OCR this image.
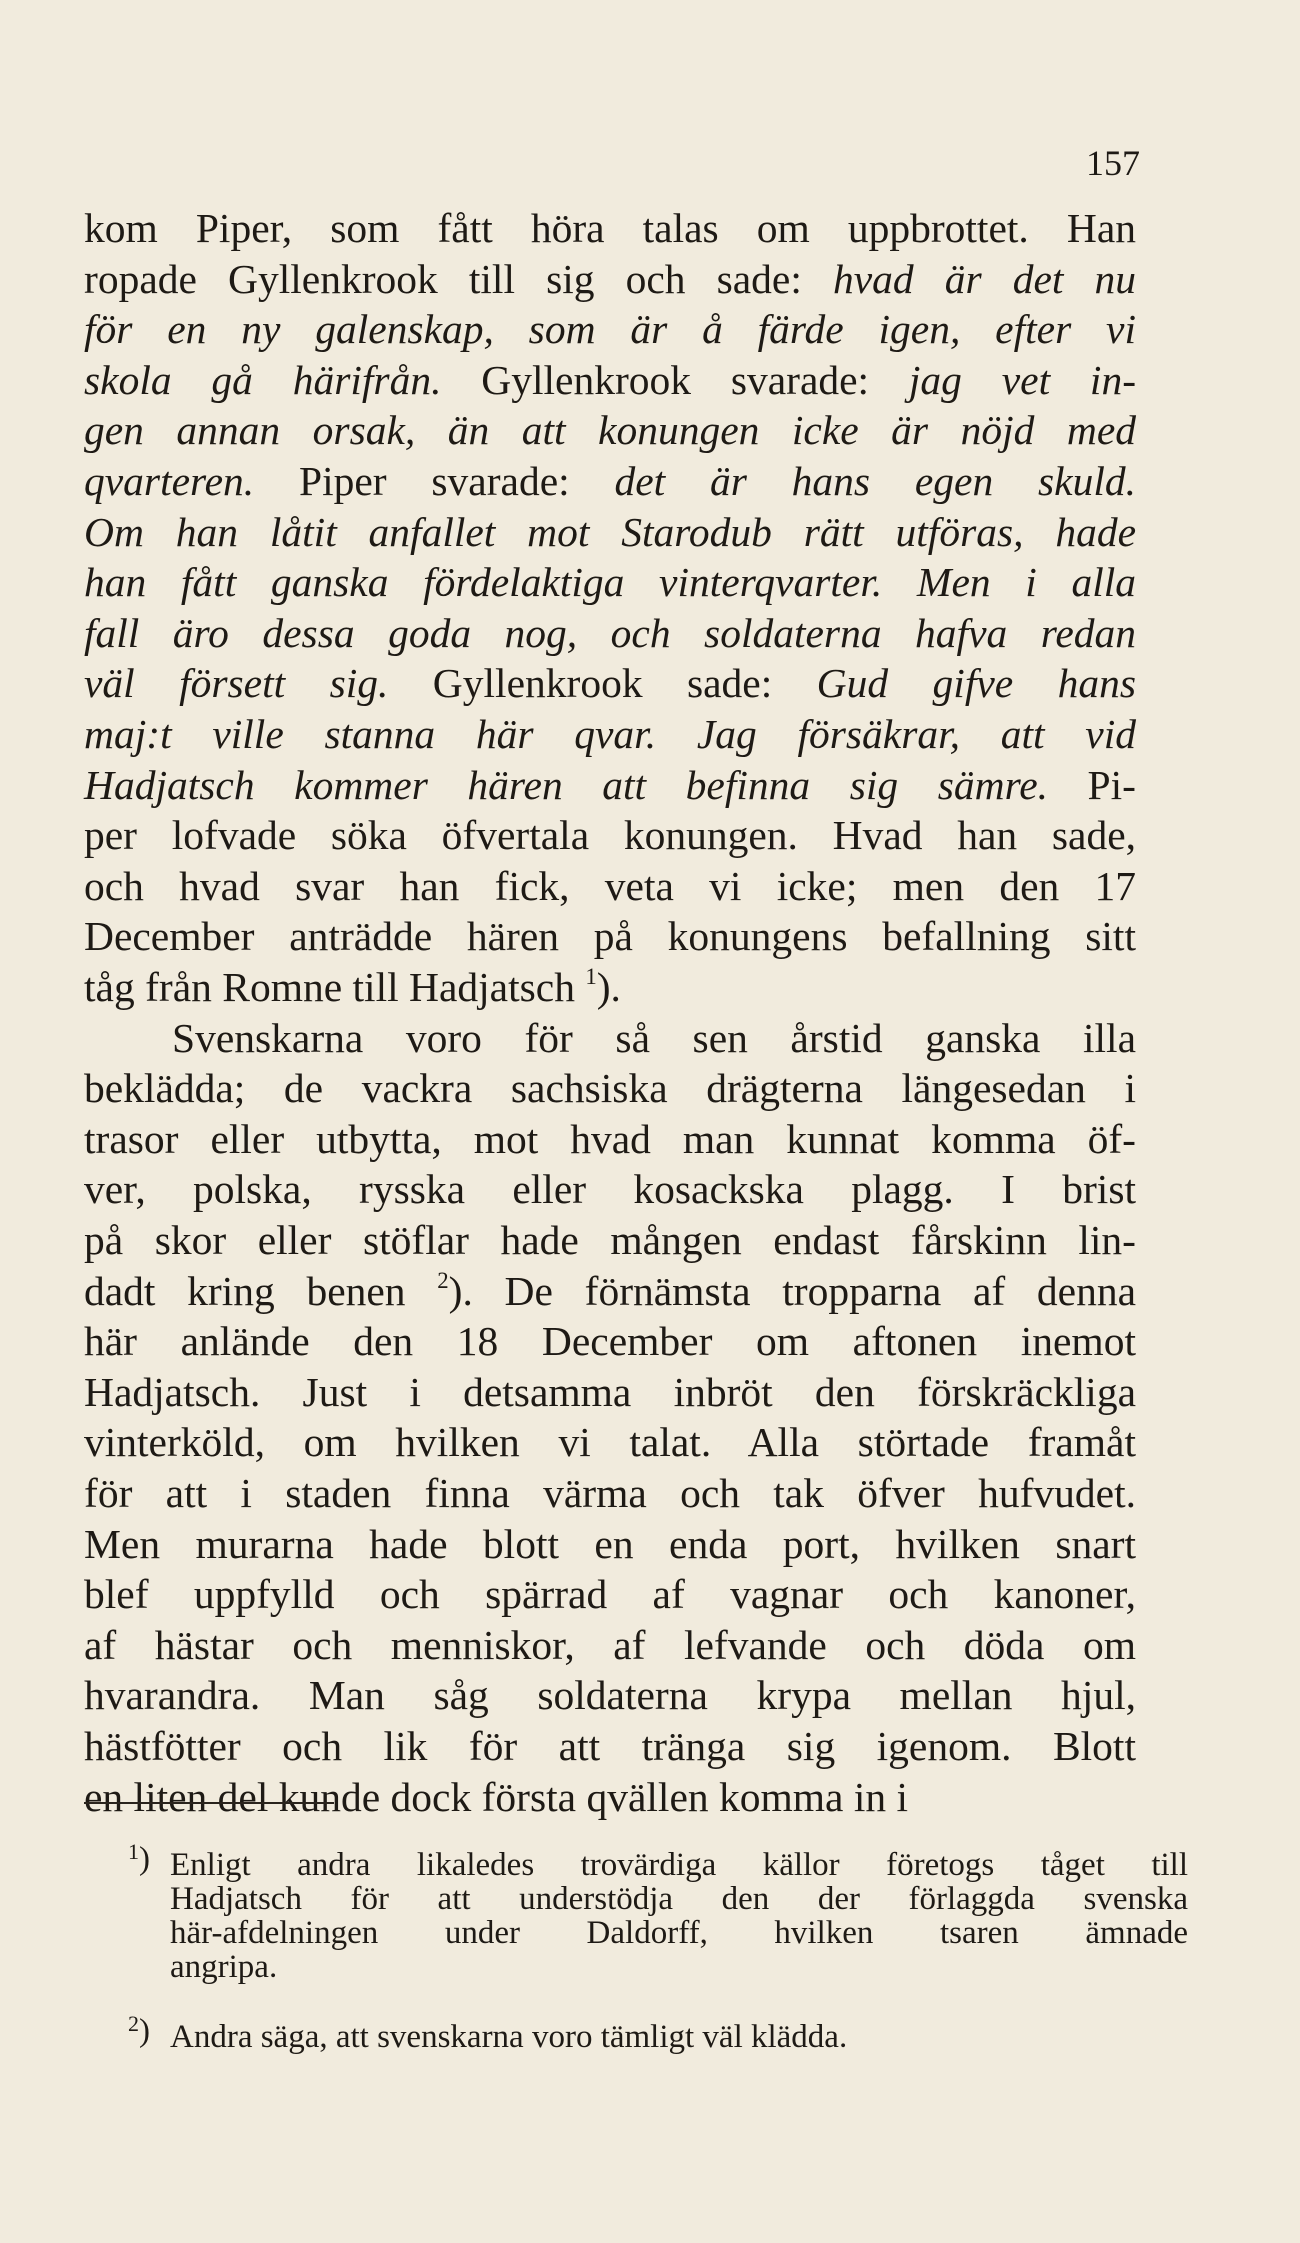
157
kom Piper, som fått höra talas om uppbrottet. Han
ropade Gyllenkrook till sig och sade: hvad är det nu
för en ny galenskap, som är å färde igen, efter vi
skola gå härifrån. Gyllenkrook svarade: jag vet in-
gen annan orsak, än att konungen icke är nöjd med
qvarteren. Piper svarade: det är hans egen skuld.
Om han låtit anfallet mot Starodub rätt utföras, hade
han fått ganska fördelaktiga vinterqvarter. Men i alla
fall äro dessa goda nog, och soldaterna hafva redan
väl försett sig. Gyllenkrook sade: Gud gifve hans
maj:t ville stanna här qvar. Jag försäkrar, att vid
Hadjatsch kommer hären att befinna sig sämre. Pi-
per lofvade söka öfvertala konungen. Hvad han sade,
och hvad svar han fick, veta vi icke; men den 17
December anträdde hären på konungens befallning sitt
tåg från Romne till Hadjatsch $^1$).
Svenskarna voro för så sen årstid ganska illa
beklädda; de vackra sachsiska drägterna längesedan i
trasor eller utbytta, mot hvad man kunnat komma öf-
ver, polska, rysska eller kosackska plagg. I brist
på skor eller stöflar hade mången endast fårskinn lin-
dadt kring benen $^2$). De förnämsta tropparna af denna
här anlände den 18 December om aftonen inemot
Hadjatsch. Just i detsamma inbröt den förskräckliga
vinterköld, om hvilken vi talat. Alla störtade framåt
för att i staden finna värma och tak öfver hufvudet.
Men murarna hade blott en enda port, hvilken snart
blef uppfylld och spärrad af vagnar och kanoner,
af hästar och menniskor, af lefvande och döda om
hvarandra. Man såg soldaterna krypa mellan hjul,
hästfötter och lik för att tränga sig igenom. Blott
en liten del kunde dock första qvällen komma in i
1) Enligt andra likaledes trovärdiga källor företogs tåget till
Hadjatsch för att understödja den der förlaggda svenska
här-afdelningen under Daldorff, hvilken tsaren ämnade
angripa.
2) Andra säga, att svenskarna voro tämligt väl klädda.
